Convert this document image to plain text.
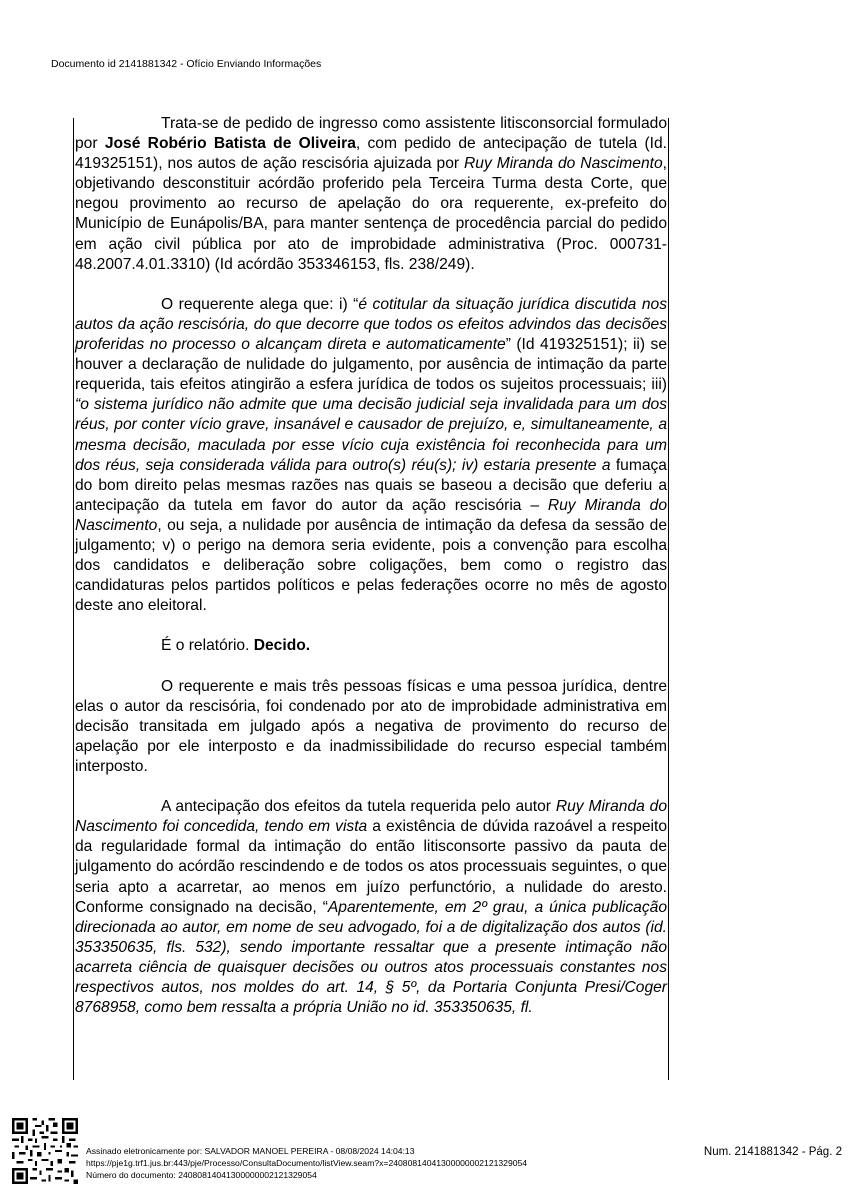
Documento id 2141881342 - Ofício Enviando Informações

Trata-se de pedido de ingresso como assistente litisconsorcial formulado por José Robério Batista de Oliveira, com pedido de antecipação de tutela (Id. 419325151), nos autos de ação rescisória ajuizada por Ruy Miranda do Nascimento, objetivando desconstituir acórdão proferido pela Terceira Turma desta Corte, que negou provimento ao recurso de apelação do ora requerente, ex-prefeito do Município de Eunápolis/BA, para manter sentença de procedência parcial do pedido em ação civil pública por ato de improbidade administrativa (Proc. 000731-48.2007.4.01.3310) (Id acórdão 353346153, fls. 238/249).

O requerente alega que: i) “é cotitular da situação jurídica discutida nos autos da ação rescisória, do que decorre que todos os efeitos advindos das decisões proferidas no processo o alcançam direta e automaticamente” (Id 419325151); ii) se houver a declaração de nulidade do julgamento, por ausência de intimação da parte requerida, tais efeitos atingirão a esfera jurídica de todos os sujeitos processuais; iii) “o sistema jurídico não admite que uma decisão judicial seja invalidada para um dos réus, por conter vício grave, insanável e causador de prejuízo, e, simultaneamente, a mesma decisão, maculada por esse vício cuja existência foi reconhecida para um dos réus, seja considerada válida para outro(s) réu(s); iv) estaria presente a fumaça do bom direito pelas mesmas razões nas quais se baseou a decisão que deferiu a antecipação da tutela em favor do autor da ação rescisória – Ruy Miranda do Nascimento, ou seja, a nulidade por ausência de intimação da defesa da sessão de julgamento; v) o perigo na demora seria evidente, pois a convenção para escolha dos candidatos e deliberação sobre coligações, bem como o registro das candidaturas pelos partidos políticos e pelas federações ocorre no mês de agosto deste ano eleitoral.

É o relatório. Decido.

O requerente e mais três pessoas físicas e uma pessoa jurídica, dentre elas o autor da rescisória, foi condenado por ato de improbidade administrativa em decisão transitada em julgado após a negativa de provimento do recurso de apelação por ele interposto e da inadmissibilidade do recurso especial também interposto.

A antecipação dos efeitos da tutela requerida pelo autor Ruy Miranda do Nascimento foi concedida, tendo em vista a existência de dúvida razoável a respeito da regularidade formal da intimação do então litisconsorte passivo da pauta de julgamento do acórdão rescindendo e de todos os atos processuais seguintes, o que seria apto a acarretar, ao menos em juízo perfunctório, a nulidade do aresto. Conforme consignado na decisão, “Aparentemente, em 2º grau, a única publicação direcionada ao autor, em nome de seu advogado, foi a de digitalização dos autos (id. 353350635, fls. 532), sendo importante ressaltar que a presente intimação não acarreta ciência de quaisquer decisões ou outros atos processuais constantes nos respectivos autos, nos moldes do art. 14, § 5º, da Portaria Conjunta Presi/Coger 8768958, como bem ressalta a própria União no id. 353350635, fl.

Assinado eletronicamente por: SALVADOR MANOEL PEREIRA - 08/08/2024 14:04:13
https://pje1g.trf1.jus.br:443/pje/Processo/ConsultaDocumento/listView.seam?x=24080814041300000002121329054
Número do documento: 24080814041300000002121329054
Num. 2141881342 - Pág. 2
